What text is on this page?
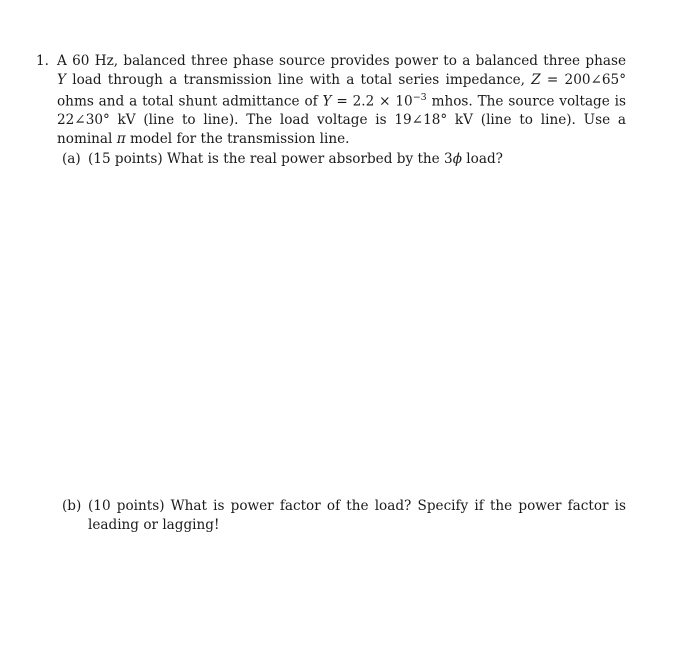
1. A 60 Hz, balanced three phase source provides power to a balanced three phase Y load through a transmission line with a total series impedance, Z = 200∠65° ohms and a total shunt admittance of $Y = 2.2 \times 10^{-3}$ mhos. The source voltage is 22∠30° kV (line to line). The load voltage is 19∠18° kV (line to line). Use a nominal π model for the transmission line.
(a) (15 points) What is the real power absorbed by the 3ϕ load?
(b) (10 points) What is power factor of the load? Specify if the power factor is leading or lagging!
